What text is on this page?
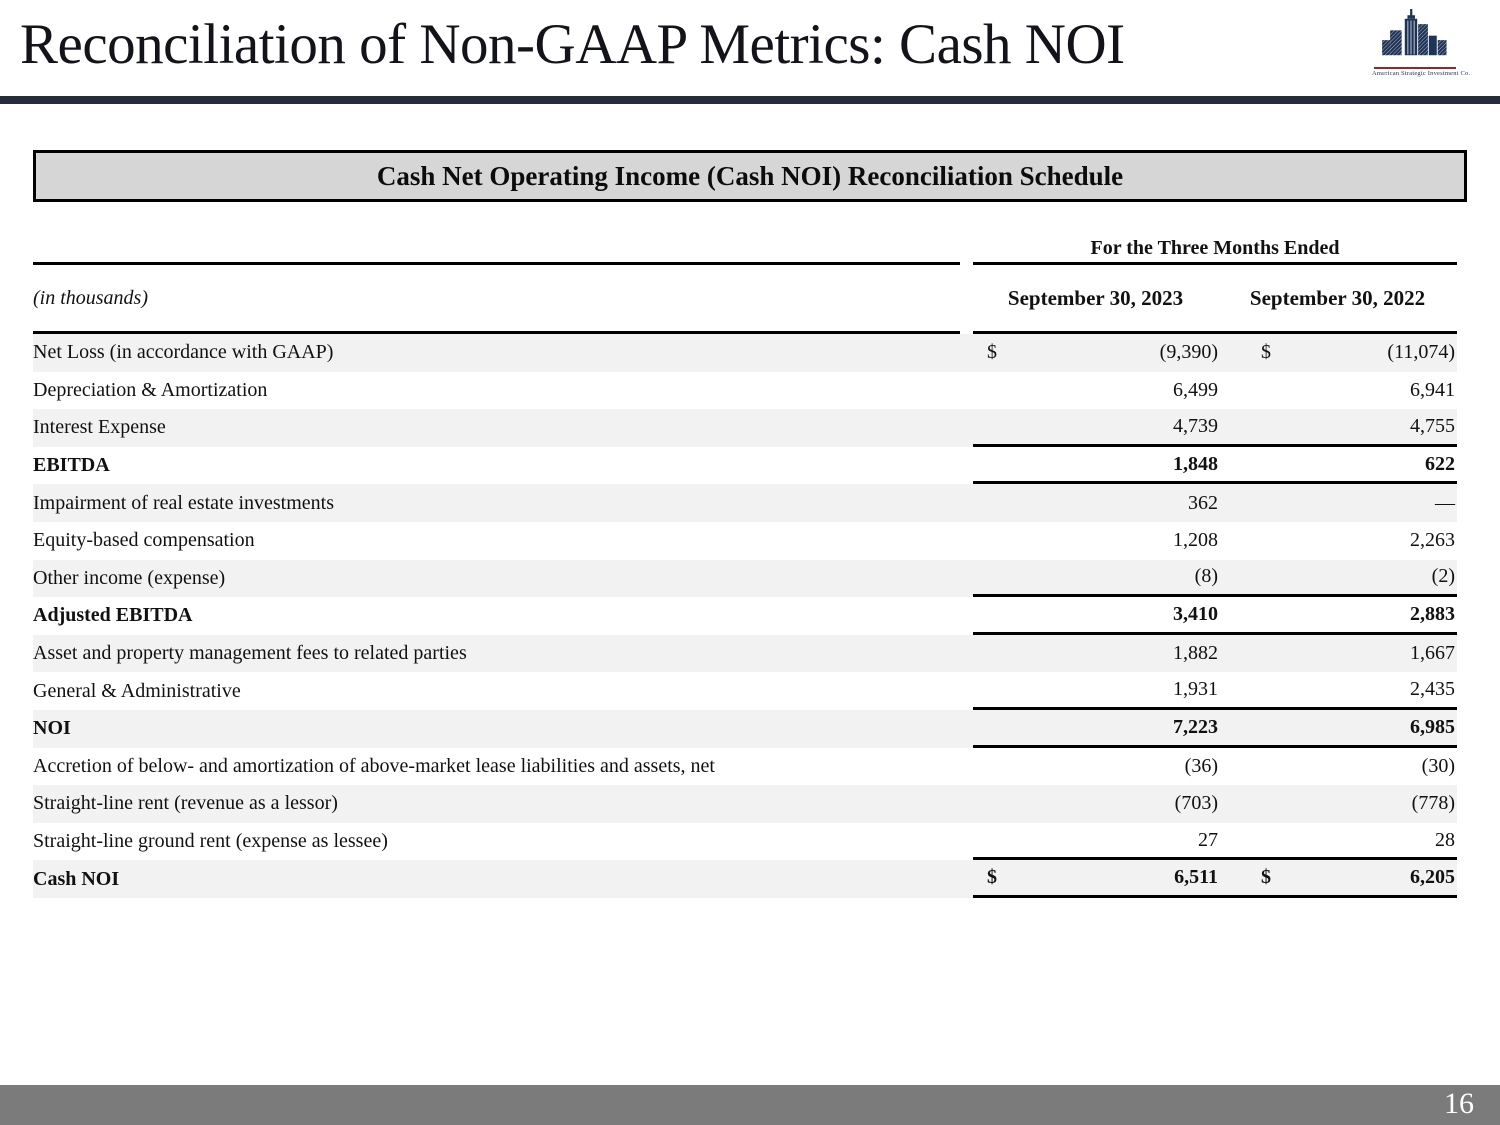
Reconciliation of Non-GAAP Metrics: Cash NOI	American Strategic Investment Co.
Cash Net Operating Income (Cash NOI) Reconciliation Schedule
For the Three Months Ended
(in thousands)	September 30, 2023	September 30, 2022
Net Loss (in accordance with GAAP)	$	(9,390)	$	(11,074)
Depreciation & Amortization	6,499	6,941
Interest Expense	4,739	4,755
EBITDA	1,848	622
Impairment of real estate investments	362	—
Equity-based compensation	1,208	2,263
Other income (expense)	(8)	(2)
Adjusted EBITDA	3,410	2,883
Asset and property management fees to related parties	1,882	1,667
General & Administrative	1,931	2,435
NOI	7,223	6,985
Accretion of below- and amortization of above-market lease liabilities and assets, net	(36)	(30)
Straight-line rent (revenue as a lessor)	(703)	(778)
Straight-line ground rent (expense as lessee)	27	28
Cash NOI	$	6,511	$	6,205
16
